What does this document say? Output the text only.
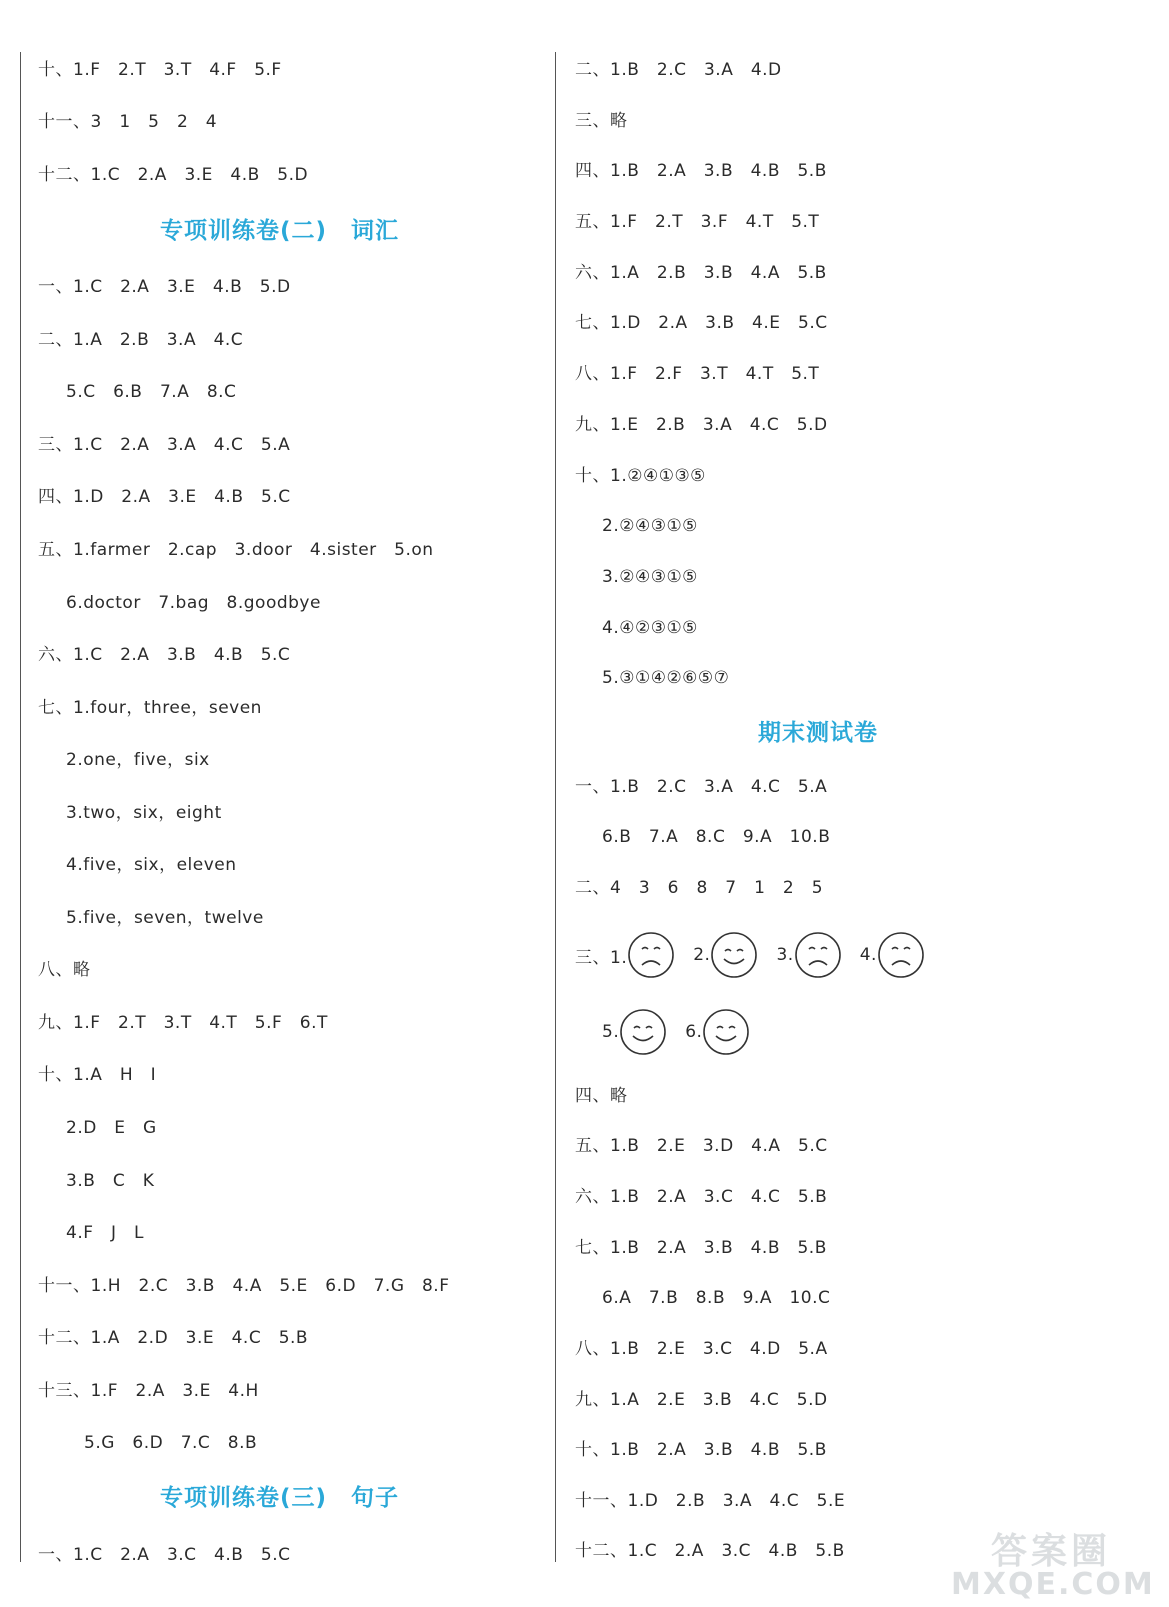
十、1.F　2.T　3.T　4.F　5.F
十一、3　1　5　2　4
十二、1.C　2.A　3.E　4.B　5.D
专项训练卷(二)　词汇
一、1.C　2.A　3.E　4.B　5.D
二、1.A　2.B　3.A　4.C
5.C　6.B　7.A　8.C
三、1.C　2.A　3.A　4.C　5.A
四、1.D　2.A　3.E　4.B　5.C
五、1.farmer　2.cap　3.door　4.sister　5.on
6.doctor　7.bag　8.goodbye
六、1.C　2.A　3.B　4.B　5.C
七、1.four，three，seven
2.one，five，six
3.two，six，eight
4.five，six，eleven
5.five，seven，twelve
八、略
九、1.F　2.T　3.T　4.T　5.F　6.T
十、1.A　H　I
2.D　E　G
3.B　C　K
4.F　J　L
十一、1.H　2.C　3.B　4.A　5.E　6.D　7.G　8.F
十二、1.A　2.D　3.E　4.C　5.B
十三、1.F　2.A　3.E　4.H
5.G　6.D　7.C　8.B
专项训练卷(三)　句子
一、1.C　2.A　3.C　4.B　5.C
二、1.B　2.C　3.A　4.D
三、略
四、1.B　2.A　3.B　4.B　5.B
五、1.F　2.T　3.F　4.T　5.T
六、1.A　2.B　3.B　4.A　5.B
七、1.D　2.A　3.B　4.E　5.C
八、1.F　2.F　3.T　4.T　5.T
九、1.E　2.B　3.A　4.C　5.D
十、1.②④①③⑤
2.②④③①⑤
3.②④③①⑤
4.④②③①⑤
5.③①④②⑥⑤⑦
期末测试卷
一、1.B　2.C　3.A　4.C　5.A
6.B　7.A　8.C　9.A　10.B
二、4　3　6　8　7　1　2　5
三、1.	2.	3.	4.
5.	6.
四、略
五、1.B　2.E　3.D　4.A　5.C
六、1.B　2.A　3.C　4.C　5.B
七、1.B　2.A　3.B　4.B　5.B
6.A　7.B　8.B　9.A　10.C
八、1.B　2.E　3.C　4.D　5.A
九、1.A　2.E　3.B　4.C　5.D
十、1.B　2.A　3.B　4.B　5.B
十一、1.D　2.B　3.A　4.C　5.E
十二、1.C　2.A　3.C　4.B　5.B	答案圈
MXQE.COM
